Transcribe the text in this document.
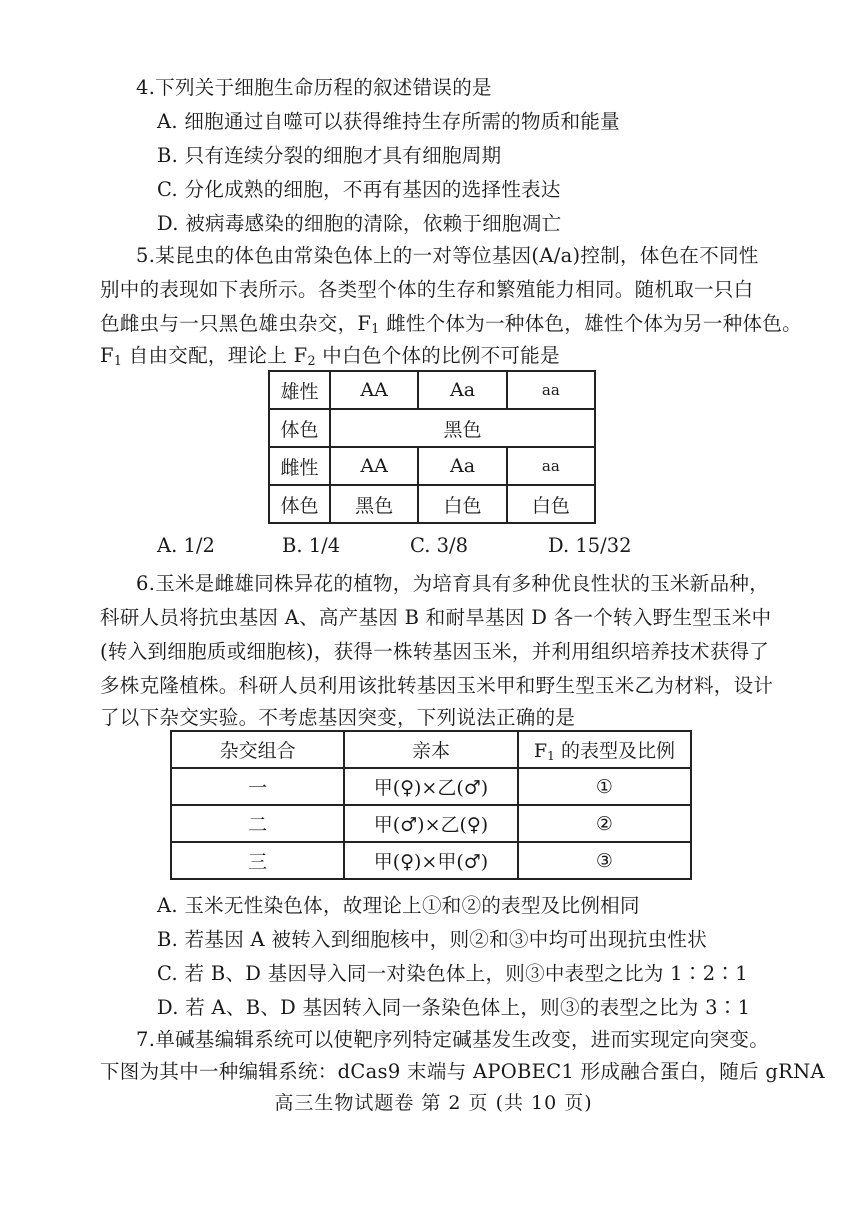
4.下列关于细胞生命历程的叙述错误的是
A. 细胞通过自噬可以获得维持生存所需的物质和能量
B. 只有连续分裂的细胞才具有细胞周期
C. 分化成熟的细胞，不再有基因的选择性表达
D. 被病毒感染的细胞的清除，依赖于细胞凋亡
5.某昆虫的体色由常染色体上的一对等位基因(A/a)控制，体色在不同性
别中的表现如下表所示。各类型个体的生存和繁殖能力相同。随机取一只白
色雌虫与一只黑色雄虫杂交，$F_1$ 雌性个体为一种体色，雄性个体为另一种体色。
$F_1$ 自由交配，理论上 $F_2$ 中白色个体的比例不可能是
雄性	AA	Aa	aa
体色	黑色		
雌性	AA	Aa	aa
体色	黑色	白色	白色
A. 1/2	B. 1/4	C. 3/8	D. 15/32
6.玉米是雌雄同株异花的植物，为培育具有多种优良性状的玉米新品种，
科研人员将抗虫基因 A、高产基因 B 和耐旱基因 D 各一个转入野生型玉米中
(转入到细胞质或细胞核)，获得一株转基因玉米，并利用组织培养技术获得了
多株克隆植株。科研人员利用该批转基因玉米甲和野生型玉米乙为材料，设计
了以下杂交实验。不考虑基因突变，下列说法正确的是
杂交组合	亲本	$F_1$ 的表型及比例
一	甲(♀)×乙(♂)	①
二	甲(♂)×乙(♀)	②
三	甲(♀)×甲(♂)	③
A. 玉米无性染色体，故理论上①和②的表型及比例相同
B. 若基因 A 被转入到细胞核中，则②和③中均可出现抗虫性状
C. 若 B、D 基因导入同一对染色体上，则③中表型之比为 1∶2∶1
D. 若 A、B、D 基因转入同一条染色体上，则③的表型之比为 3∶1
7.单碱基编辑系统可以使靶序列特定碱基发生改变，进而实现定向突变。
下图为其中一种编辑系统：dCas9 末端与 APOBEC1 形成融合蛋白，随后 gRNA
高三生物试题卷 第 2 页 (共 10 页)
